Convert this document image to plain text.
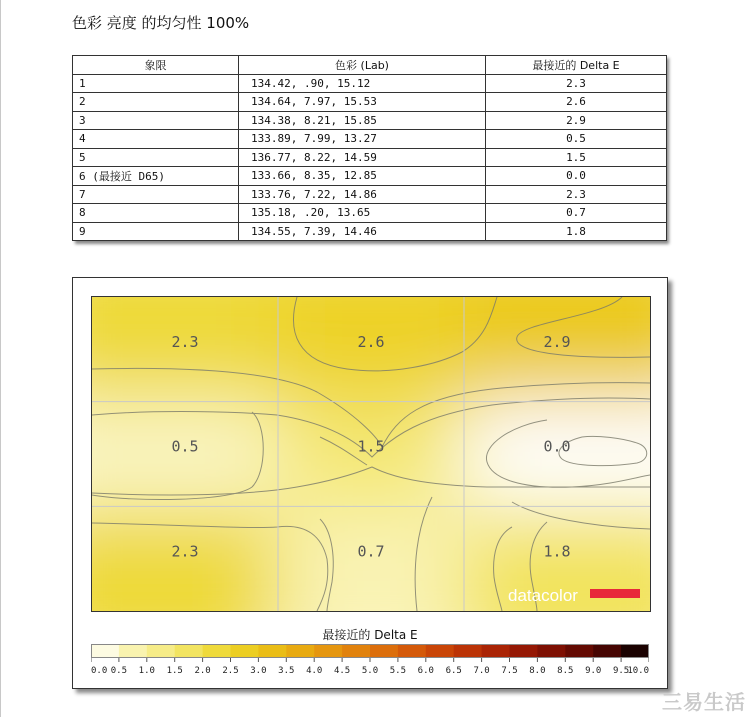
色彩 亮度 的均匀性 100%
象限	色彩 (Lab)	最接近的 Delta E
1	134.42, .90, 15.12	2.3
2	134.64, 7.97, 15.53	2.6
3	134.38, 8.21, 15.85	2.9
4	133.89, 7.99, 13.27	0.5
5	136.77, 8.22, 14.59	1.5
6 (最接近 D65)	133.66, 8.35, 12.85	0.0
7	133.76, 7.22, 14.86	2.3
8	135.18, .20, 13.65	0.7
9	134.55, 7.39, 14.46	1.8
2.3	2.6	2.9
0.5	1.5	0.0
2.3	0.7	1.8
datacolor
最接近的 Delta E
0.0 0.5 1.0 1.5 2.0 2.5 3.0 3.5 4.0 4.5 5.0 5.5 6.0 6.5 7.0 7.5 8.0 8.5 9.0 9.5
10.0
三易生活
